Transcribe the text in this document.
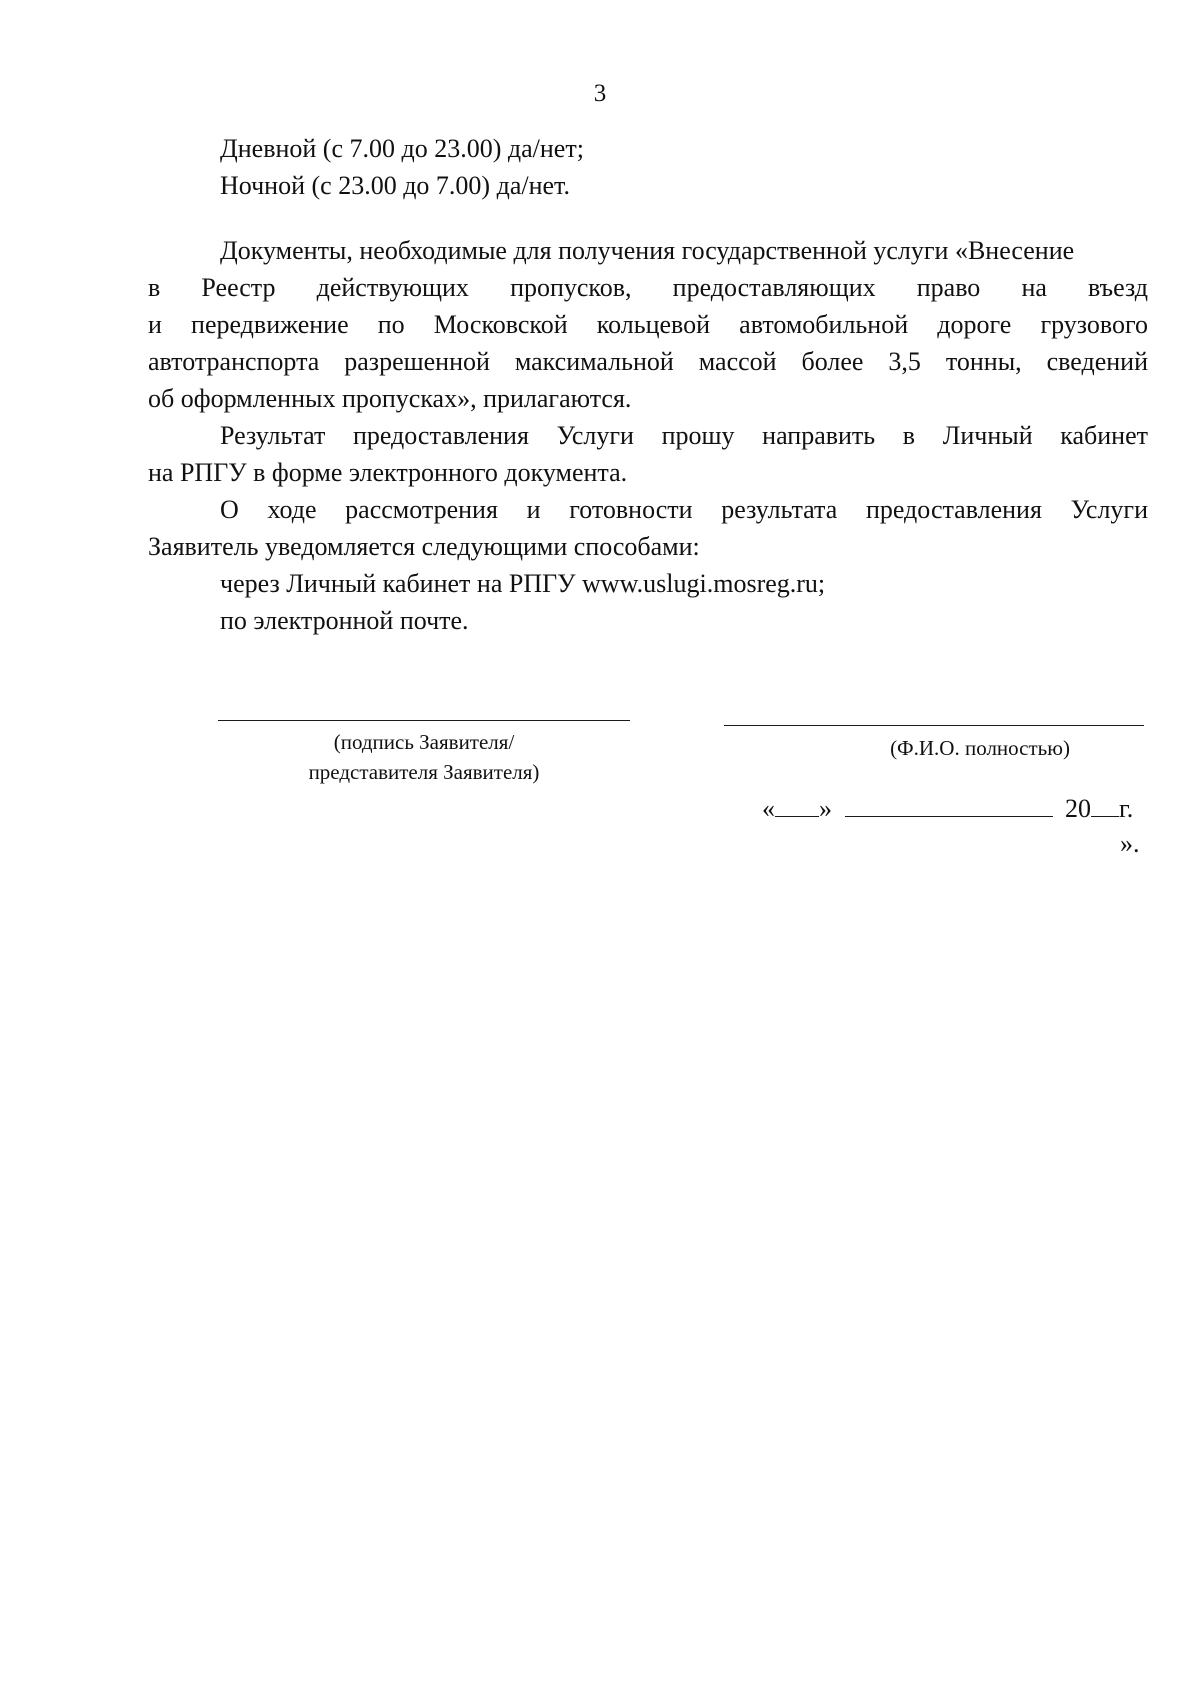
3
Дневной (с 7.00 до 23.00) да/нет;
Ночной (с 23.00 до 7.00) да/нет.
Документы, необходимые для получения государственной услуги «Внесение
в Реестр действующих пропусков, предоставляющих право на въезд
и передвижение по Московской кольцевой автомобильной дороге грузового
автотранспорта разрешенной максимальной массой более 3,5 тонны, сведений
об оформленных пропусках», прилагаются.
Результат предоставления Услуги прошу направить в Личный кабинет
на РПГУ в форме электронного документа.
О ходе рассмотрения и готовности результата предоставления Услуги
Заявитель уведомляется следующими способами:
через Личный кабинет на РПГУ www.uslugi.mosreg.ru;
по электронной почте.
(подпись Заявителя/
представителя Заявителя)
(Ф.И.О. полностью)
« »	20 г.
».
